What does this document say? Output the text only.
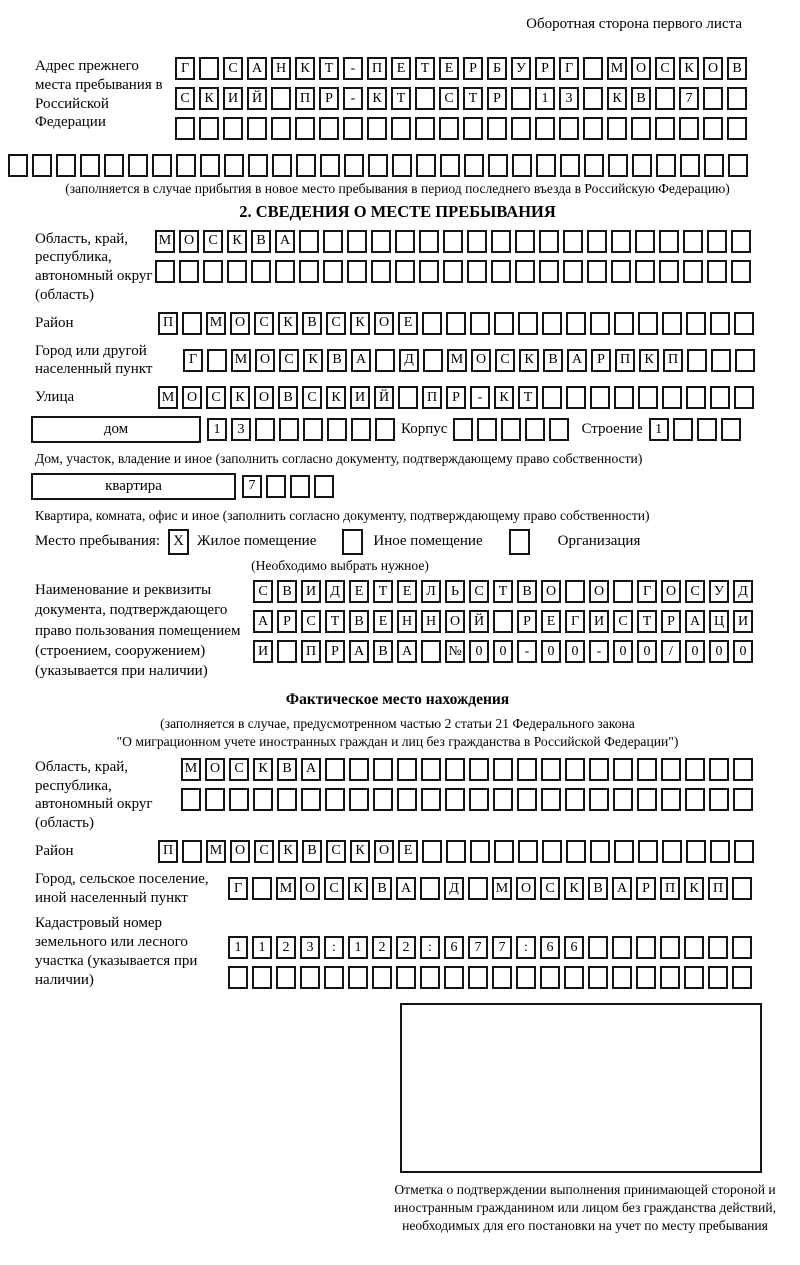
Оборотная сторона первого листа
Адрес прежнего места пребывания в Российской Федерации
Г	С	А Н	К	Т	-	П	Е	Т	Е	Р	Б	У	Р	Г	М О	С	К	О	В
С	К	И Й	П	Р	-	К	Т	С	Т	Р	1	3	К	В	7
(заполняется в случае прибытия в новое место пребывания в период последнего въезда в Российскую Федерацию)
2. СВЕДЕНИЯ О МЕСТЕ ПРЕБЫВАНИЯ
Область, край, республика, автономный округ (область)
М О	С	К	В	А
Район	П	М О	С	К	В	С	К	О	Е
Город или другой населенный пункт
Г	М О	С	К	В	А	Д	М О	С	К	В	А	Р	П	К	П
Улица	М О	С	К	О	В	С	К	И Й	П	Р	-	К	Т
дом	1	3	Корпус	Строение 1
Дом, участок, владение и иное (заполнить согласно документу, подтверждающему право собственности)
квартира	7
Квартира, комната, офис и иное (заполнить согласно документу, подтверждающему право собственности)
Место пребывания: X Жилое помещение	Иное помещение	Организация
(Необходимо выбрать нужное)
Наименование и реквизиты документа, подтверждающего право пользования помещением (строением, сооружением) (указывается при наличии)
С	В	И	Д	Е	Т	Е	Л	Ь	С	Т	В	О	О	Г	О	С	У	Д
А	Р	С	Т	В	Е	Н Н О Й	Р	Е	Г	И	С	Т	Р	А Ц И
И	П	Р	А	В	А	№ 0	0	-	0	0	-	0	0	/	0	0	0
Фактическое место нахождения
(заполняется в случае, предусмотренном частью 2 статьи 21 Федерального закона
"О миграционном учете иностранных граждан и лиц без гражданства в Российской Федерации")
Область, край, республика, автономный округ (область)
М О	С	К	В	А
Район	П	М О	С	К	В	С	К	О	Е
Город, сельское поселение, иной населенный пункт
Г	М О	С	К	В	А	Д	М О	С	К	В	А	Р	П	К	П
Кадастровый номер земельного или лесного участка (указывается при наличии)
1	1	2	3	:	1	2	2	:	6	7	7	:	6	6
Отметка о подтверждении выполнения принимающей стороной и иностранным гражданином или лицом без гражданства действий, необходимых для его постановки на учет по месту пребывания
